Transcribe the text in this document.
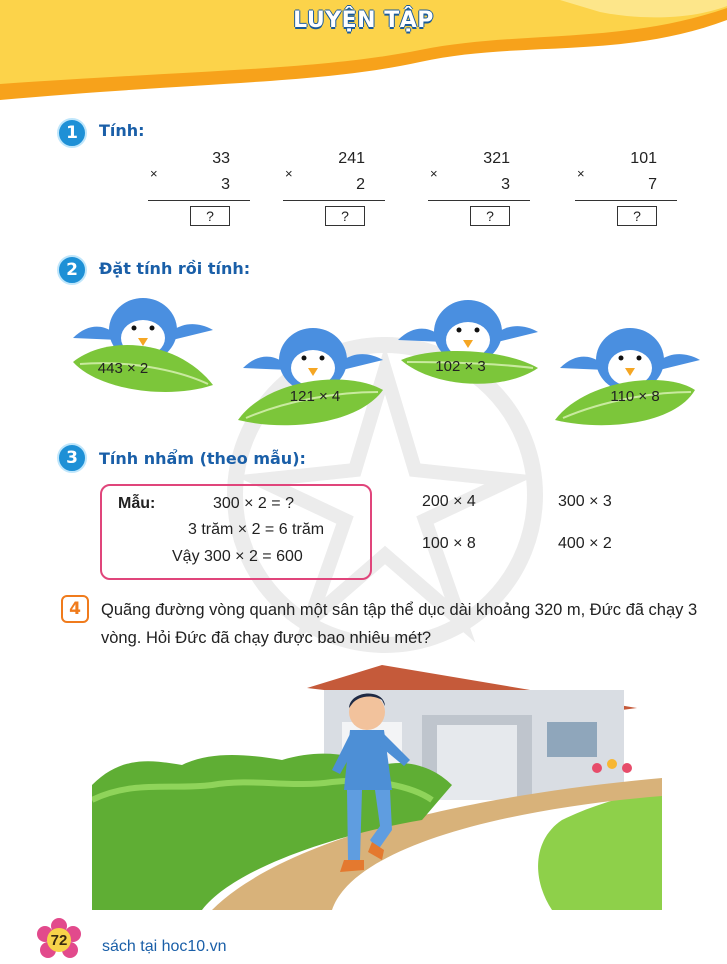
LUYỆN TẬP
1	Tính:
33
×
3
?
241
×
2
?
321
×
3
?
101
×
7
?
2	Đặt tính rồi tính:
443 × 2
121 × 4
102 × 3
110 × 8
3	Tính nhẩm (theo mẫu):
Mẫu:	300 × 2 = ?
3 trăm × 2 = 6 trăm
Vậy 300 × 2 = 600
200 × 4	300 × 3
100 × 8	400 × 2
4	Quãng đường vòng quanh một sân tập thể dục dài khoảng 320 m, Đức đã chạy 3 vòng. Hỏi Đức đã chạy được bao nhiêu mét?
72	sách tại hoc10.vn
